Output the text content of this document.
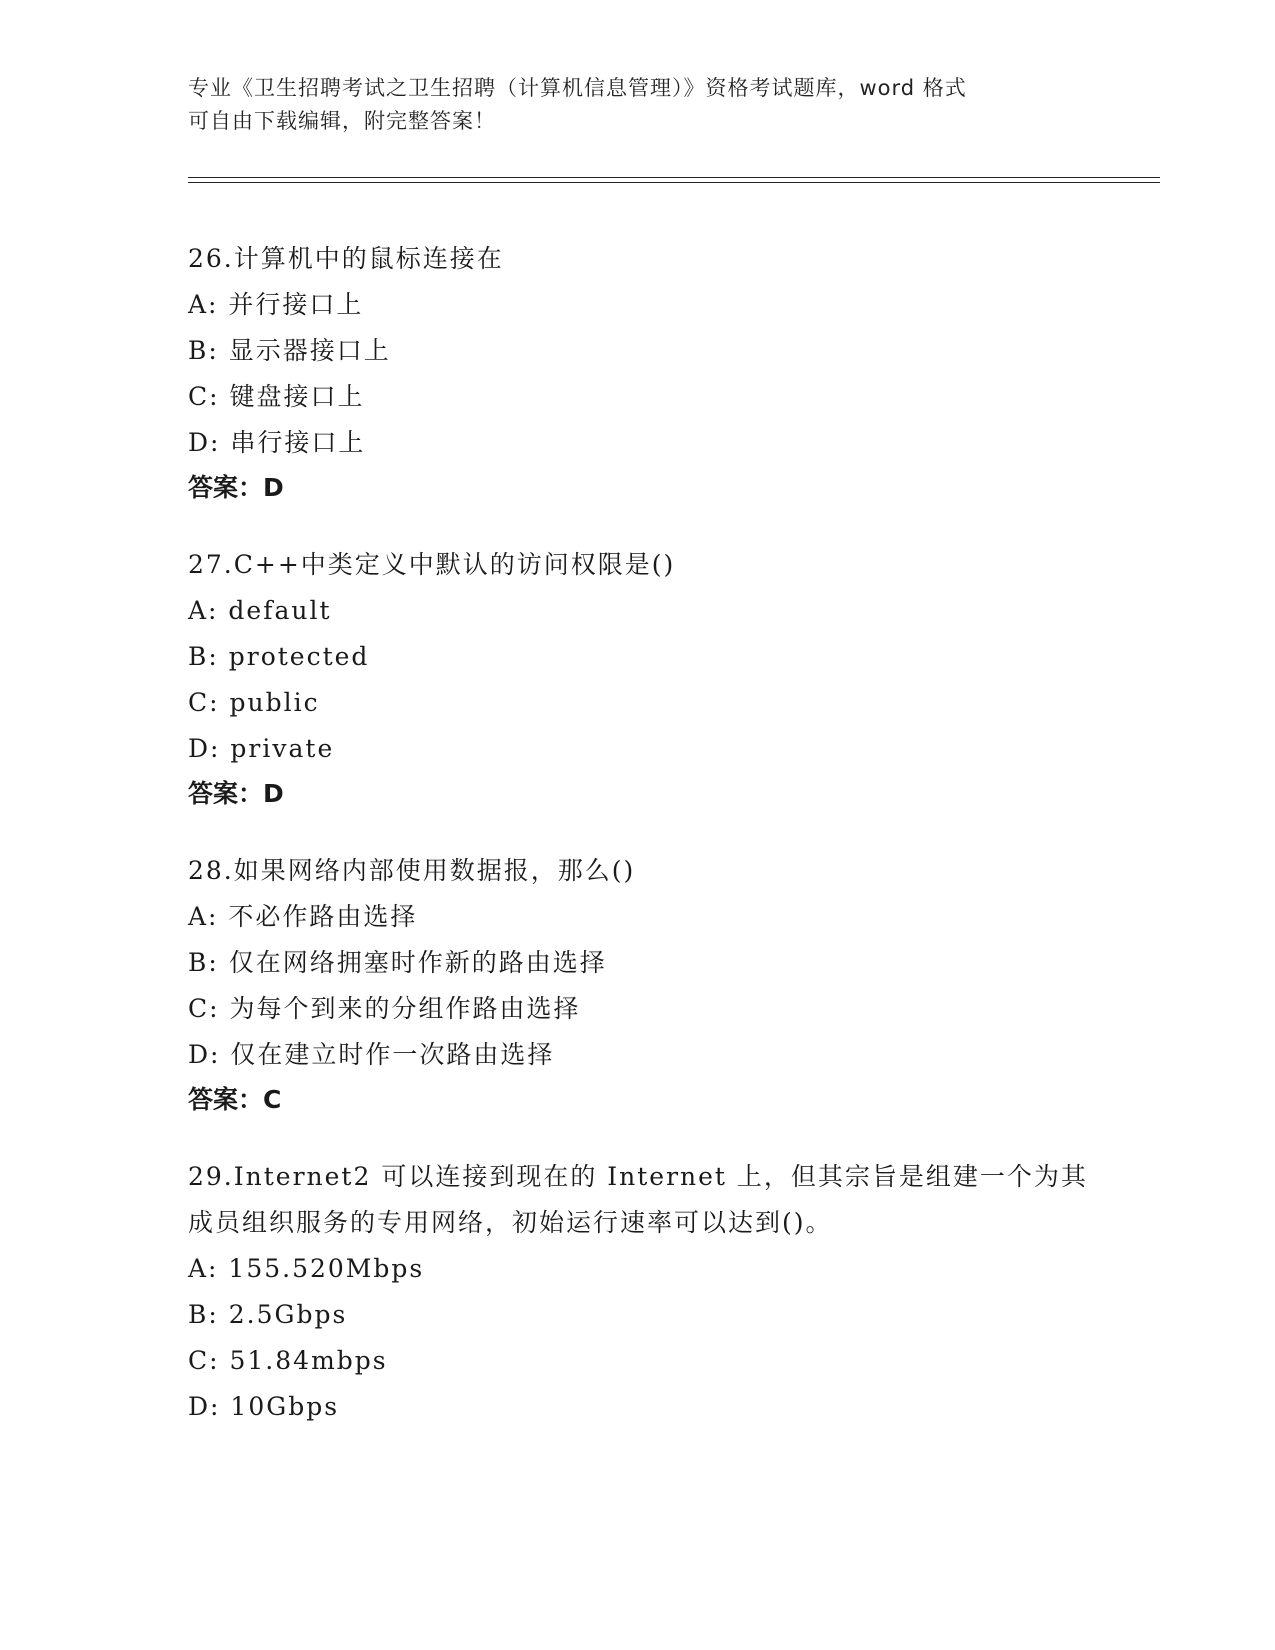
专业《卫生招聘考试之卫生招聘（计算机信息管理）》资格考试题库，word 格式
可自由下载编辑，附完整答案！

26.计算机中的鼠标连接在

A: 并行接口上

B: 显示器接口上

C: 键盘接口上

D: 串行接口上

答案：D

27.C++中类定义中默认的访问权限是()

A: default

B: protected

C: public

D: private

答案：D

28.如果网络内部使用数据报，那么()

A: 不必作路由选择

B: 仅在网络拥塞时作新的路由选择

C: 为每个到来的分组作路由选择

D: 仅在建立时作一次路由选择

答案：C

29.Internet2 可以连接到现在的 Internet 上，但其宗旨是组建一个为其成员组织服务的专用网络，初始运行速率可以达到()。

A: 155.520Mbps

B: 2.5Gbps

C: 51.84mbps

D: 10Gbps
